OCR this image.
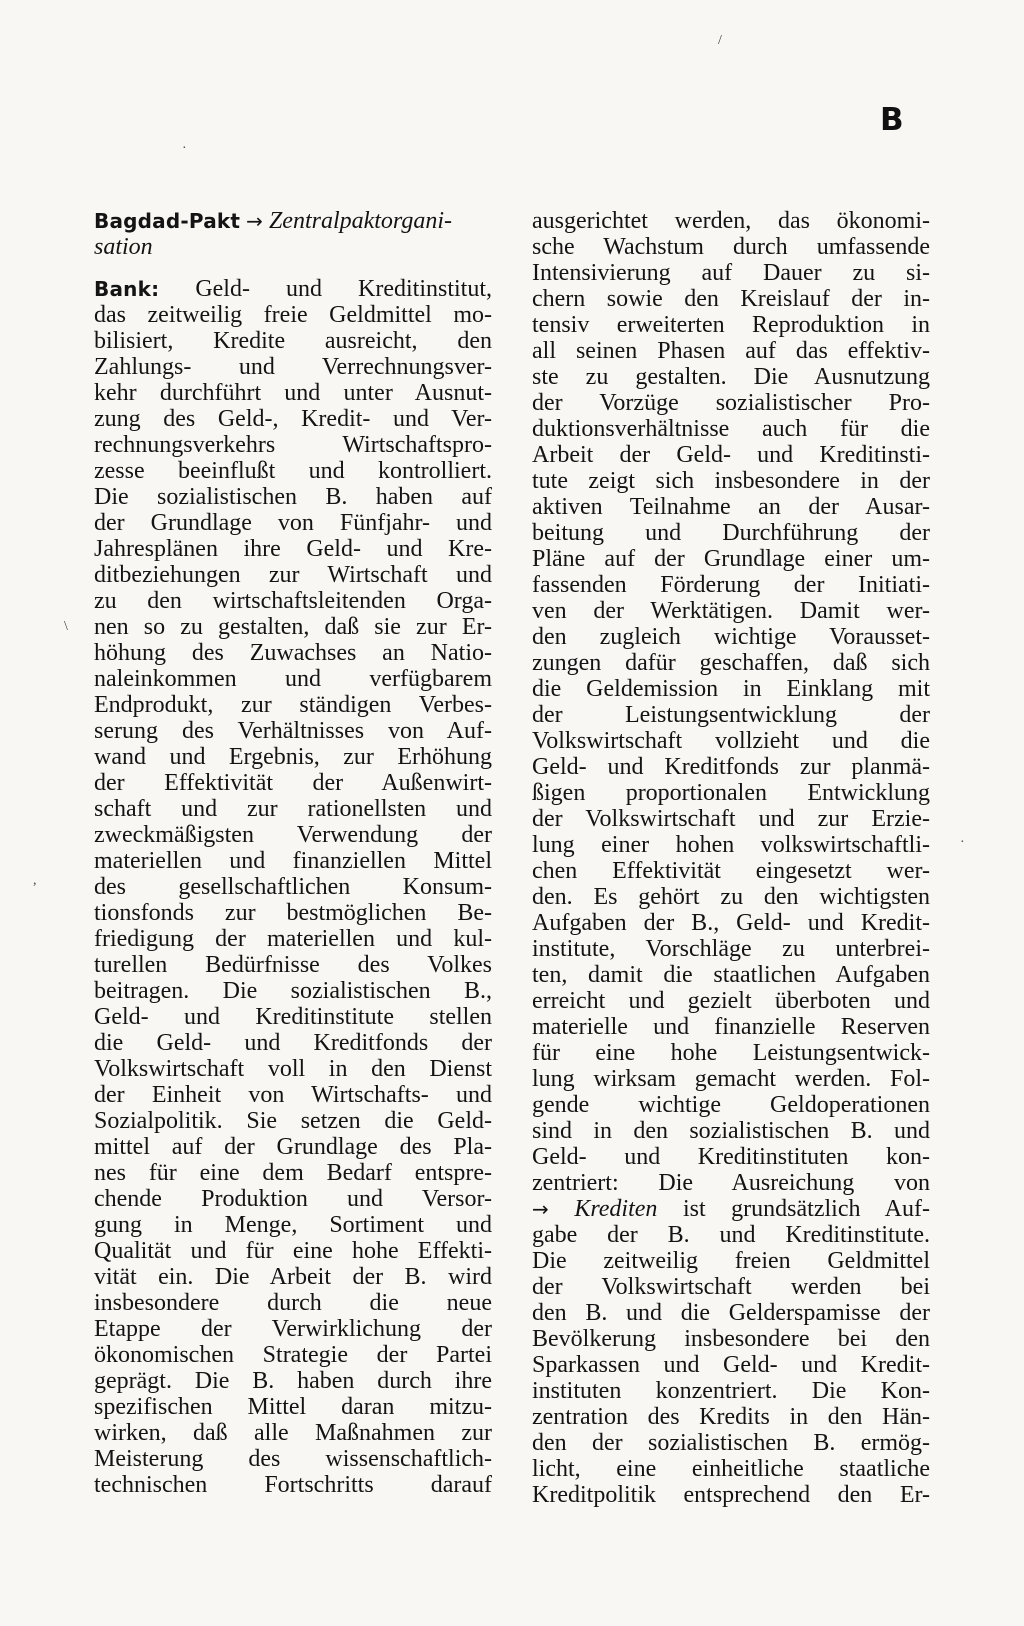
B
Bagdad-Pakt → Zentralpaktorgani-
sation
Bank: Geld- und Kreditinstitut,
das zeitweilig freie Geldmittel mo-
bilisiert, Kredite ausreicht, den
Zahlungs- und Verrechnungsver-
kehr durchführt und unter Ausnut-
zung des Geld-, Kredit- und Ver-
rechnungsverkehrs Wirtschaftspro-
zesse beeinflußt und kontrolliert.
Die sozialistischen B. haben auf
der Grundlage von Fünfjahr- und
Jahresplänen ihre Geld- und Kre-
ditbeziehungen zur Wirtschaft und
zu den wirtschaftsleitenden Orga-
nen so zu gestalten, daß sie zur Er-
höhung des Zuwachses an Natio-
naleinkommen und verfügbarem
Endprodukt, zur ständigen Verbes-
serung des Verhältnisses von Auf-
wand und Ergebnis, zur Erhöhung
der Effektivität der Außenwirt-
schaft und zur rationellsten und
zweckmäßigsten Verwendung der
materiellen und finanziellen Mittel
des gesellschaftlichen Konsum-
tionsfonds zur bestmöglichen Be-
friedigung der materiellen und kul-
turellen Bedürfnisse des Volkes
beitragen. Die sozialistischen B.,
Geld- und Kreditinstitute stellen
die Geld- und Kreditfonds der
Volkswirtschaft voll in den Dienst
der Einheit von Wirtschafts- und
Sozialpolitik. Sie setzen die Geld-
mittel auf der Grundlage des Pla-
nes für eine dem Bedarf entspre-
chende Produktion und Versor-
gung in Menge, Sortiment und
Qualität und für eine hohe Effekti-
vität ein. Die Arbeit der B. wird
insbesondere durch die neue
Etappe der Verwirklichung der
ökonomischen Strategie der Partei
geprägt. Die B. haben durch ihre
spezifischen Mittel daran mitzu-
wirken, daß alle Maßnahmen zur
Meisterung des wissenschaftlich-
technischen Fortschritts darauf
ausgerichtet werden, das ökonomi-
sche Wachstum durch umfassende
Intensivierung auf Dauer zu si-
chern sowie den Kreislauf der in-
tensiv erweiterten Reproduktion in
all seinen Phasen auf das effektiv-
ste zu gestalten. Die Ausnutzung
der Vorzüge sozialistischer Pro-
duktionsverhältnisse auch für die
Arbeit der Geld- und Kreditinsti-
tute zeigt sich insbesondere in der
aktiven Teilnahme an der Ausar-
beitung und Durchführung der
Pläne auf der Grundlage einer um-
fassenden Förderung der Initiati-
ven der Werktätigen. Damit wer-
den zugleich wichtige Vorausset-
zungen dafür geschaffen, daß sich
die Geldemission in Einklang mit
der Leistungsentwicklung der
Volkswirtschaft vollzieht und die
Geld- und Kreditfonds zur planmä-
ßigen proportionalen Entwicklung
der Volkswirtschaft und zur Erzie-
lung einer hohen volkswirtschaftli-
chen Effektivität eingesetzt wer-
den. Es gehört zu den wichtigsten
Aufgaben der B., Geld- und Kredit-
institute, Vorschläge zu unterbrei-
ten, damit die staatlichen Aufgaben
erreicht und gezielt überboten und
materielle und finanzielle Reserven
für eine hohe Leistungsentwick-
lung wirksam gemacht werden. Fol-
gende wichtige Geldoperationen
sind in den sozialistischen B. und
Geld- und Kreditinstituten kon-
zentriert: Die Ausreichung von
→ Krediten ist grundsätzlich Auf-
gabe der B. und Kreditinstitute.
Die zeitweilig freien Geldmittel
der Volkswirtschaft werden bei
den B. und die Gelderspamisse der
Bevölkerung insbesondere bei den
Sparkassen und Geld- und Kredit-
instituten konzentriert. Die Kon-
zentration des Kredits in den Hän-
den der sozialistischen B. ermög-
licht, eine einheitliche staatliche
Kreditpolitik entsprechend den Er-
/
·
\
,
·
